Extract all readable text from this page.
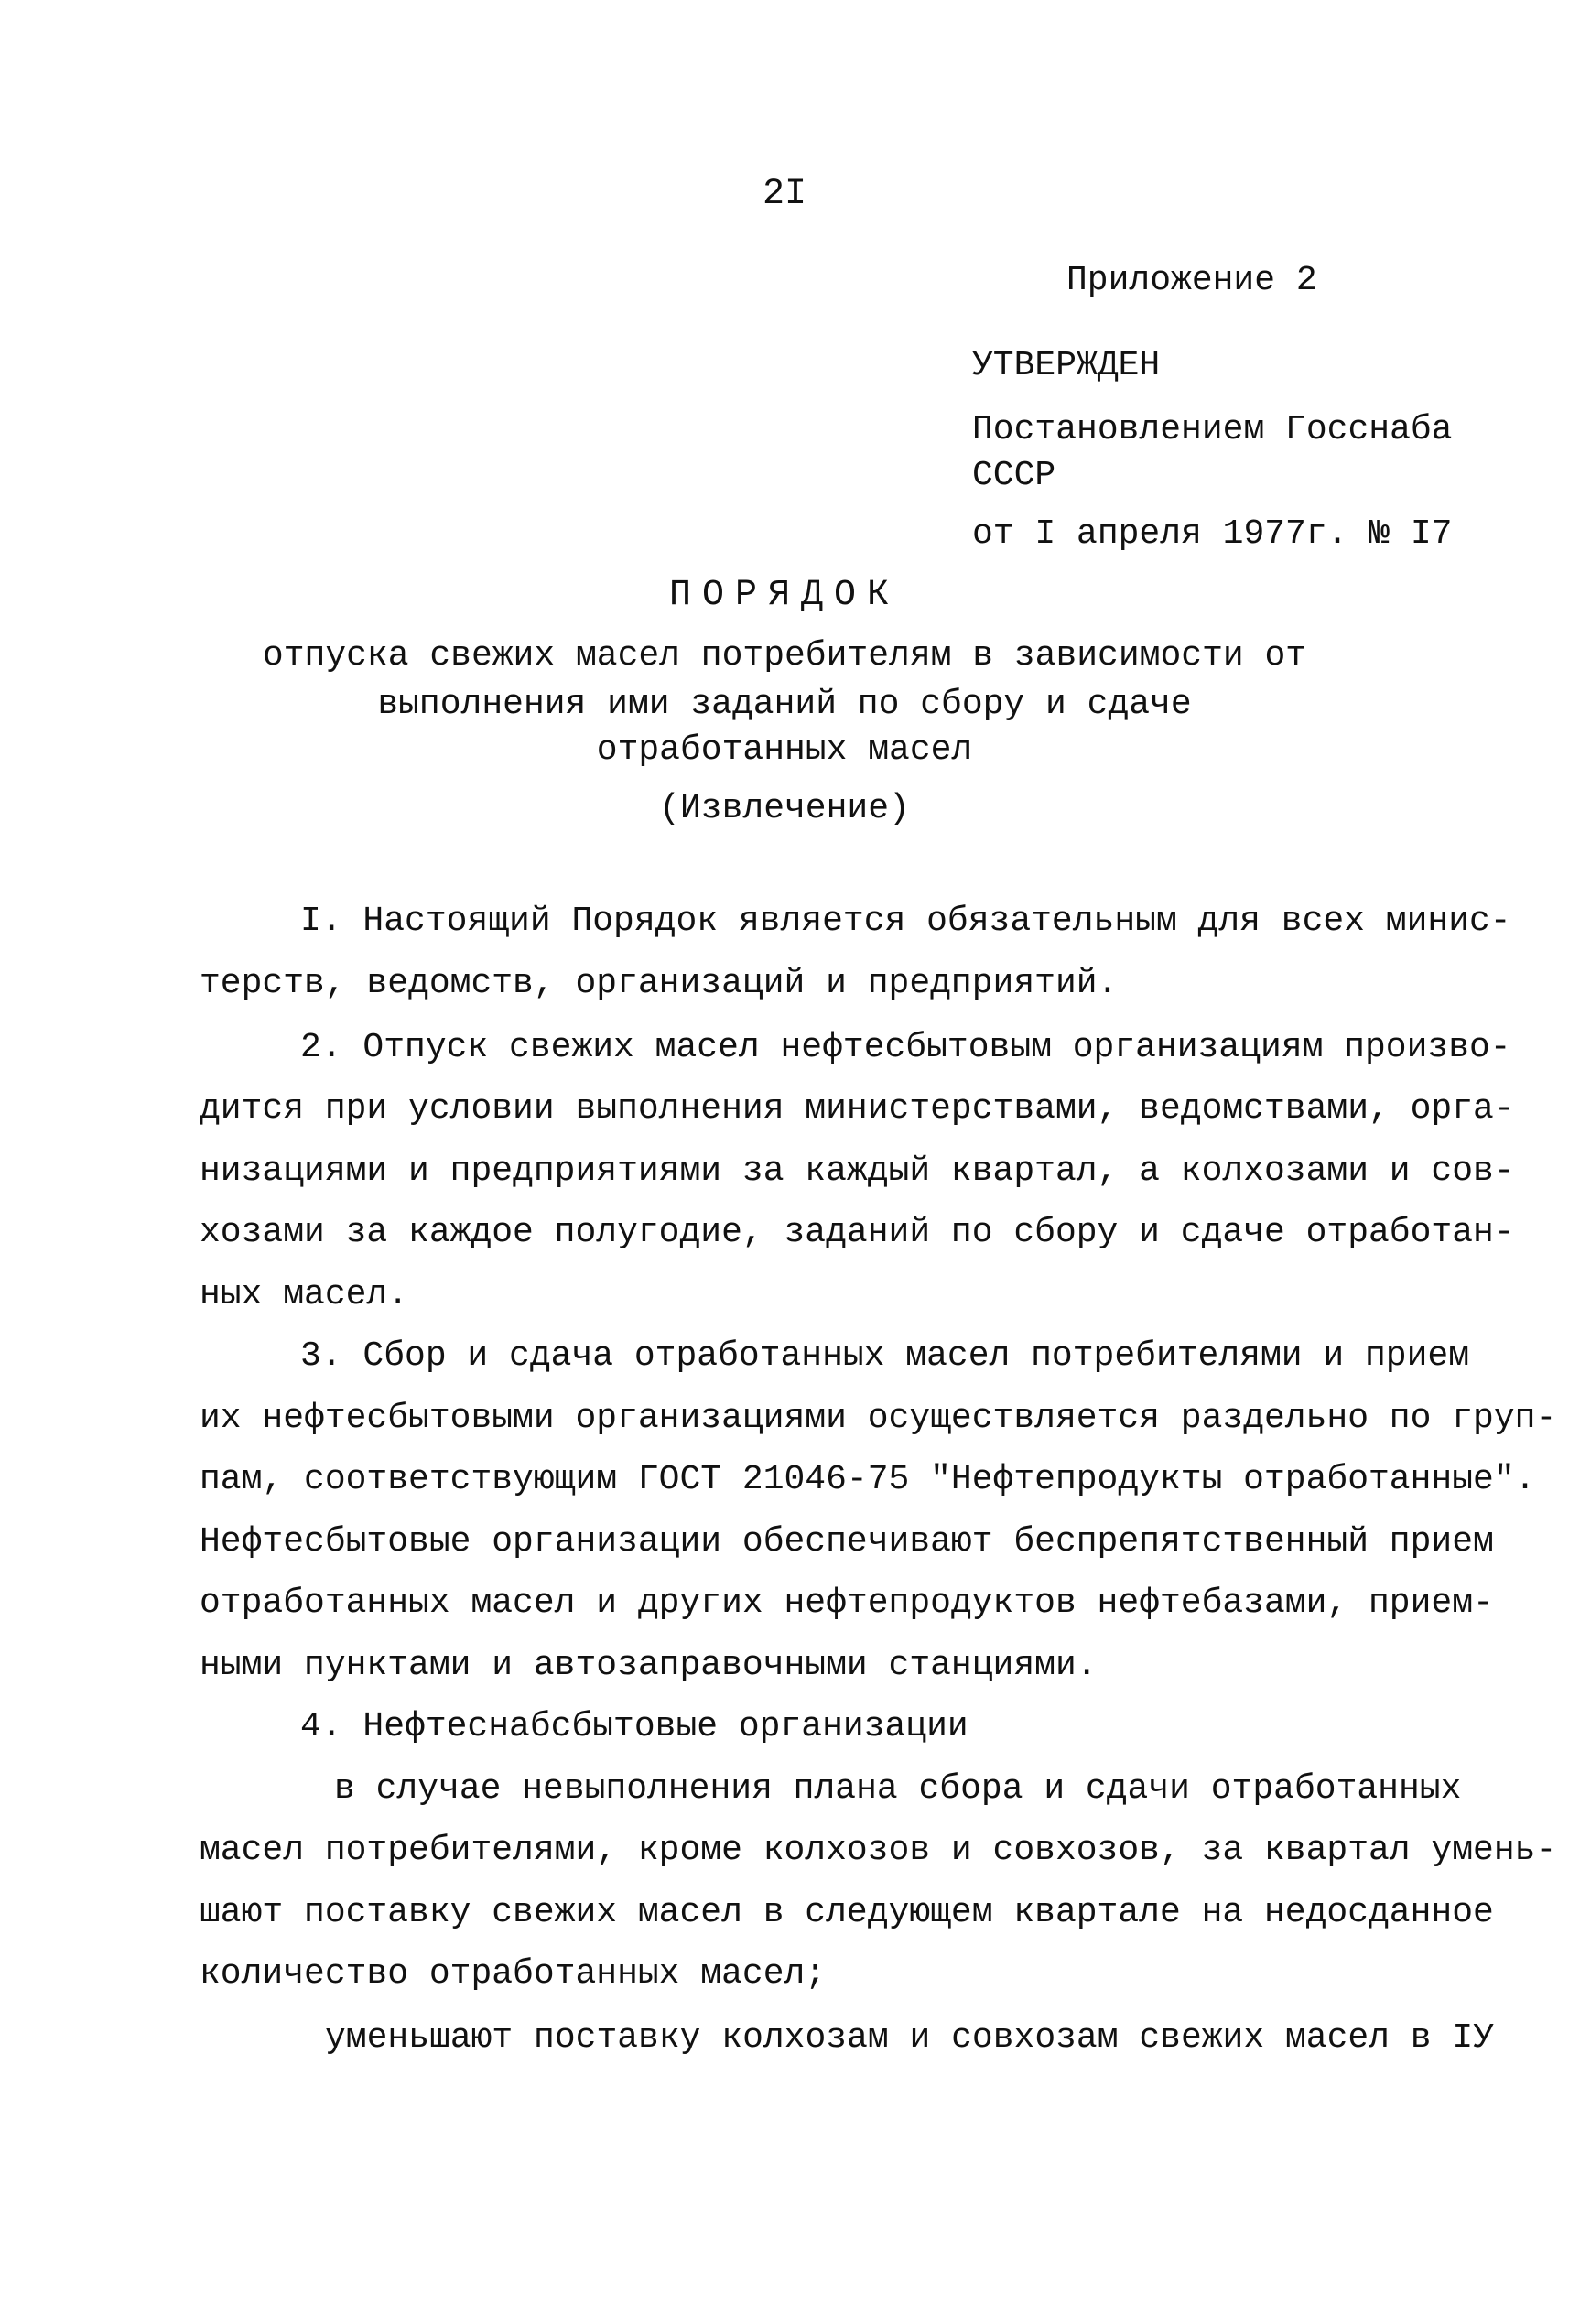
2I
Приложение 2
УТВЕРЖДЕН
Постановлением Госснаба
СССР
от I апреля 1977г. № I7
ПОРЯДОК
отпуска свежих масел потребителям в зависимости от
выполнения ими заданий по сбору и сдаче
отработанных масел
(Извлечение)
I. Настоящий Порядок является обязательным для всех минис-
терств, ведомств, организаций и предприятий.
2. Отпуск свежих масел нефтесбытовым организациям произво-
дится при условии выполнения министерствами, ведомствами, орга-
низациями и предприятиями за каждый квартал, а колхозами и сов-
хозами за каждое полугодие, заданий по сбору и сдаче отработан-
ных масел.
3. Сбор и сдача отработанных масел потребителями и прием
их нефтесбытовыми организациями осуществляется раздельно по груп-
пам, соответствующим ГОСТ 21046-75 "Нефтепродукты отработанные".
Нефтесбытовые организации обеспечивают беспрепятственный прием
отработанных масел и других нефтепродуктов нефтебазами, прием-
ными пунктами и автозаправочными станциями.
4. Нефтеснабсбытовые организации
в случае невыполнения плана сбора и сдачи отработанных
масел потребителями, кроме колхозов и совхозов, за квартал умень-
шают поставку свежих масел в следующем квартале на недосданное
количество отработанных масел;
уменьшают поставку колхозам и совхозам свежих масел в IУ
